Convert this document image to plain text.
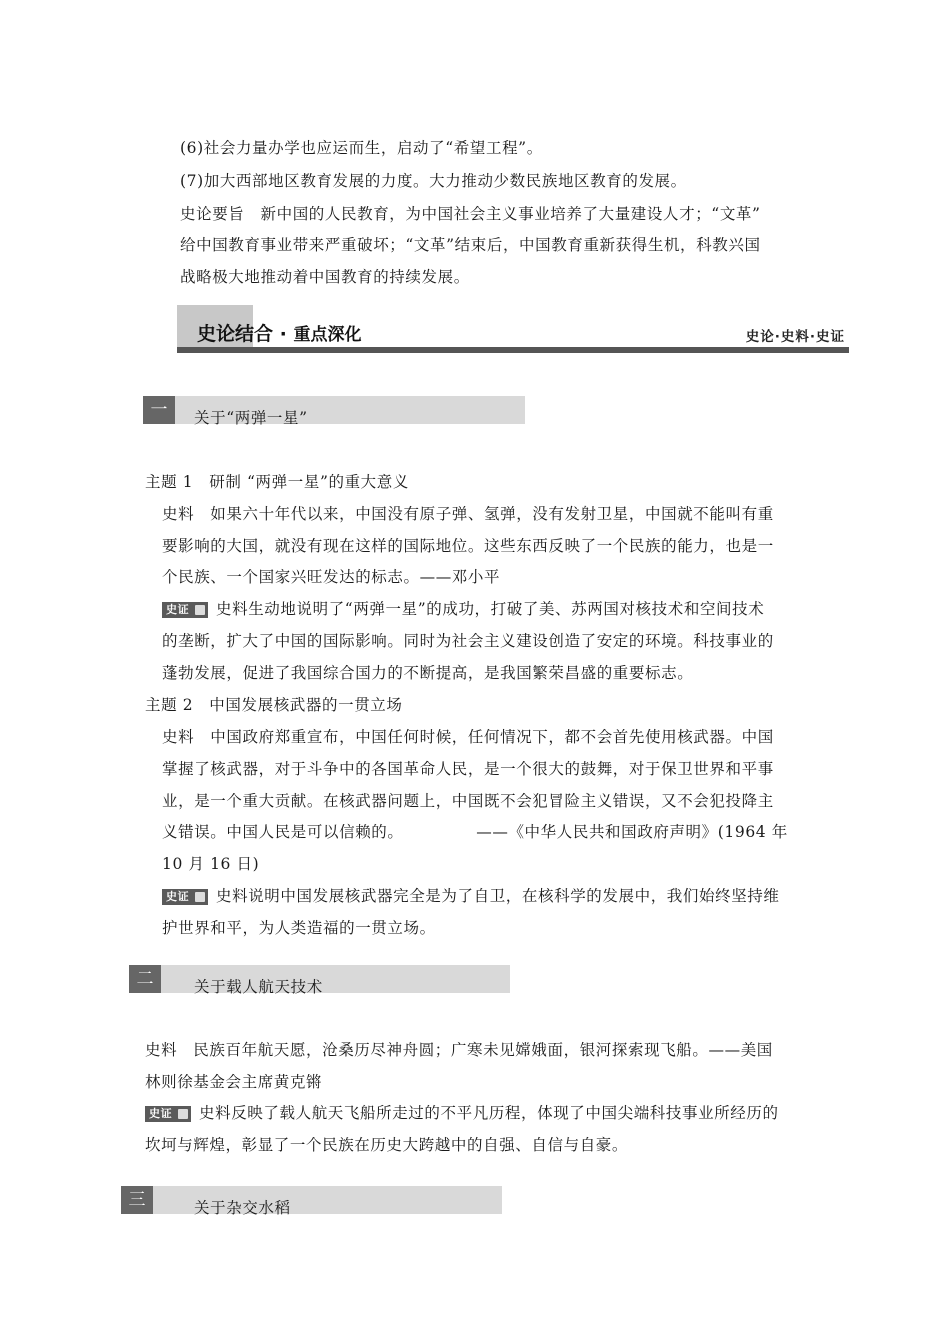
(6)社会力量办学也应运而生，启动了“希望工程”。
(7)加大西部地区教育发展的力度。大力推动少数民族地区教育的发展。
史论要旨　新中国的人民教育，为中国社会主义事业培养了大量建设人才；“文革”
给中国教育事业带来严重破坏；“文革”结束后，中国教育重新获得生机，科教兴国
战略极大地推动着中国教育的持续发展。
史论结合 · 重点深化	史论·史料·史证
一	关于“两弹一星”
主题 1　研制 “两弹一星”的重大意义
史料　如果六十年代以来，中国没有原子弹、氢弹，没有发射卫星，中国就不能叫有重
要影响的大国，就没有现在这样的国际地位。这些东西反映了一个民族的能力，也是一
个民族、一个国家兴旺发达的标志。——邓小平
史证 史料生动地说明了“两弹一星”的成功，打破了美、苏两国对核技术和空间技术
的垄断，扩大了中国的国际影响。同时为社会主义建设创造了安定的环境。科技事业的
蓬勃发展，促进了我国综合国力的不断提高，是我国繁荣昌盛的重要标志。
主题 2　中国发展核武器的一贯立场
史料　中国政府郑重宣布，中国任何时候，任何情况下，都不会首先使用核武器。中国
掌握了核武器，对于斗争中的各国革命人民，是一个很大的鼓舞，对于保卫世界和平事
业，是一个重大贡献。在核武器问题上，中国既不会犯冒险主义错误，又不会犯投降主
义错误。中国人民是可以信赖的。　　　　　——《中华人民共和国政府声明》(1964 年
10 月 16 日)
史证 史料说明中国发展核武器完全是为了自卫，在核科学的发展中，我们始终坚持维
护世界和平，为人类造福的一贯立场。
二	关于载人航天技术
史料　民族百年航天愿，沧桑历尽神舟圆；广寒未见嫦娥面，银河探索现飞船。——美国
林则徐基金会主席黄克锵
史证 史料反映了载人航天飞船所走过的不平凡历程，体现了中国尖端科技事业所经历的
坎坷与辉煌，彰显了一个民族在历史大跨越中的自强、自信与自豪。
三	关于杂交水稻
